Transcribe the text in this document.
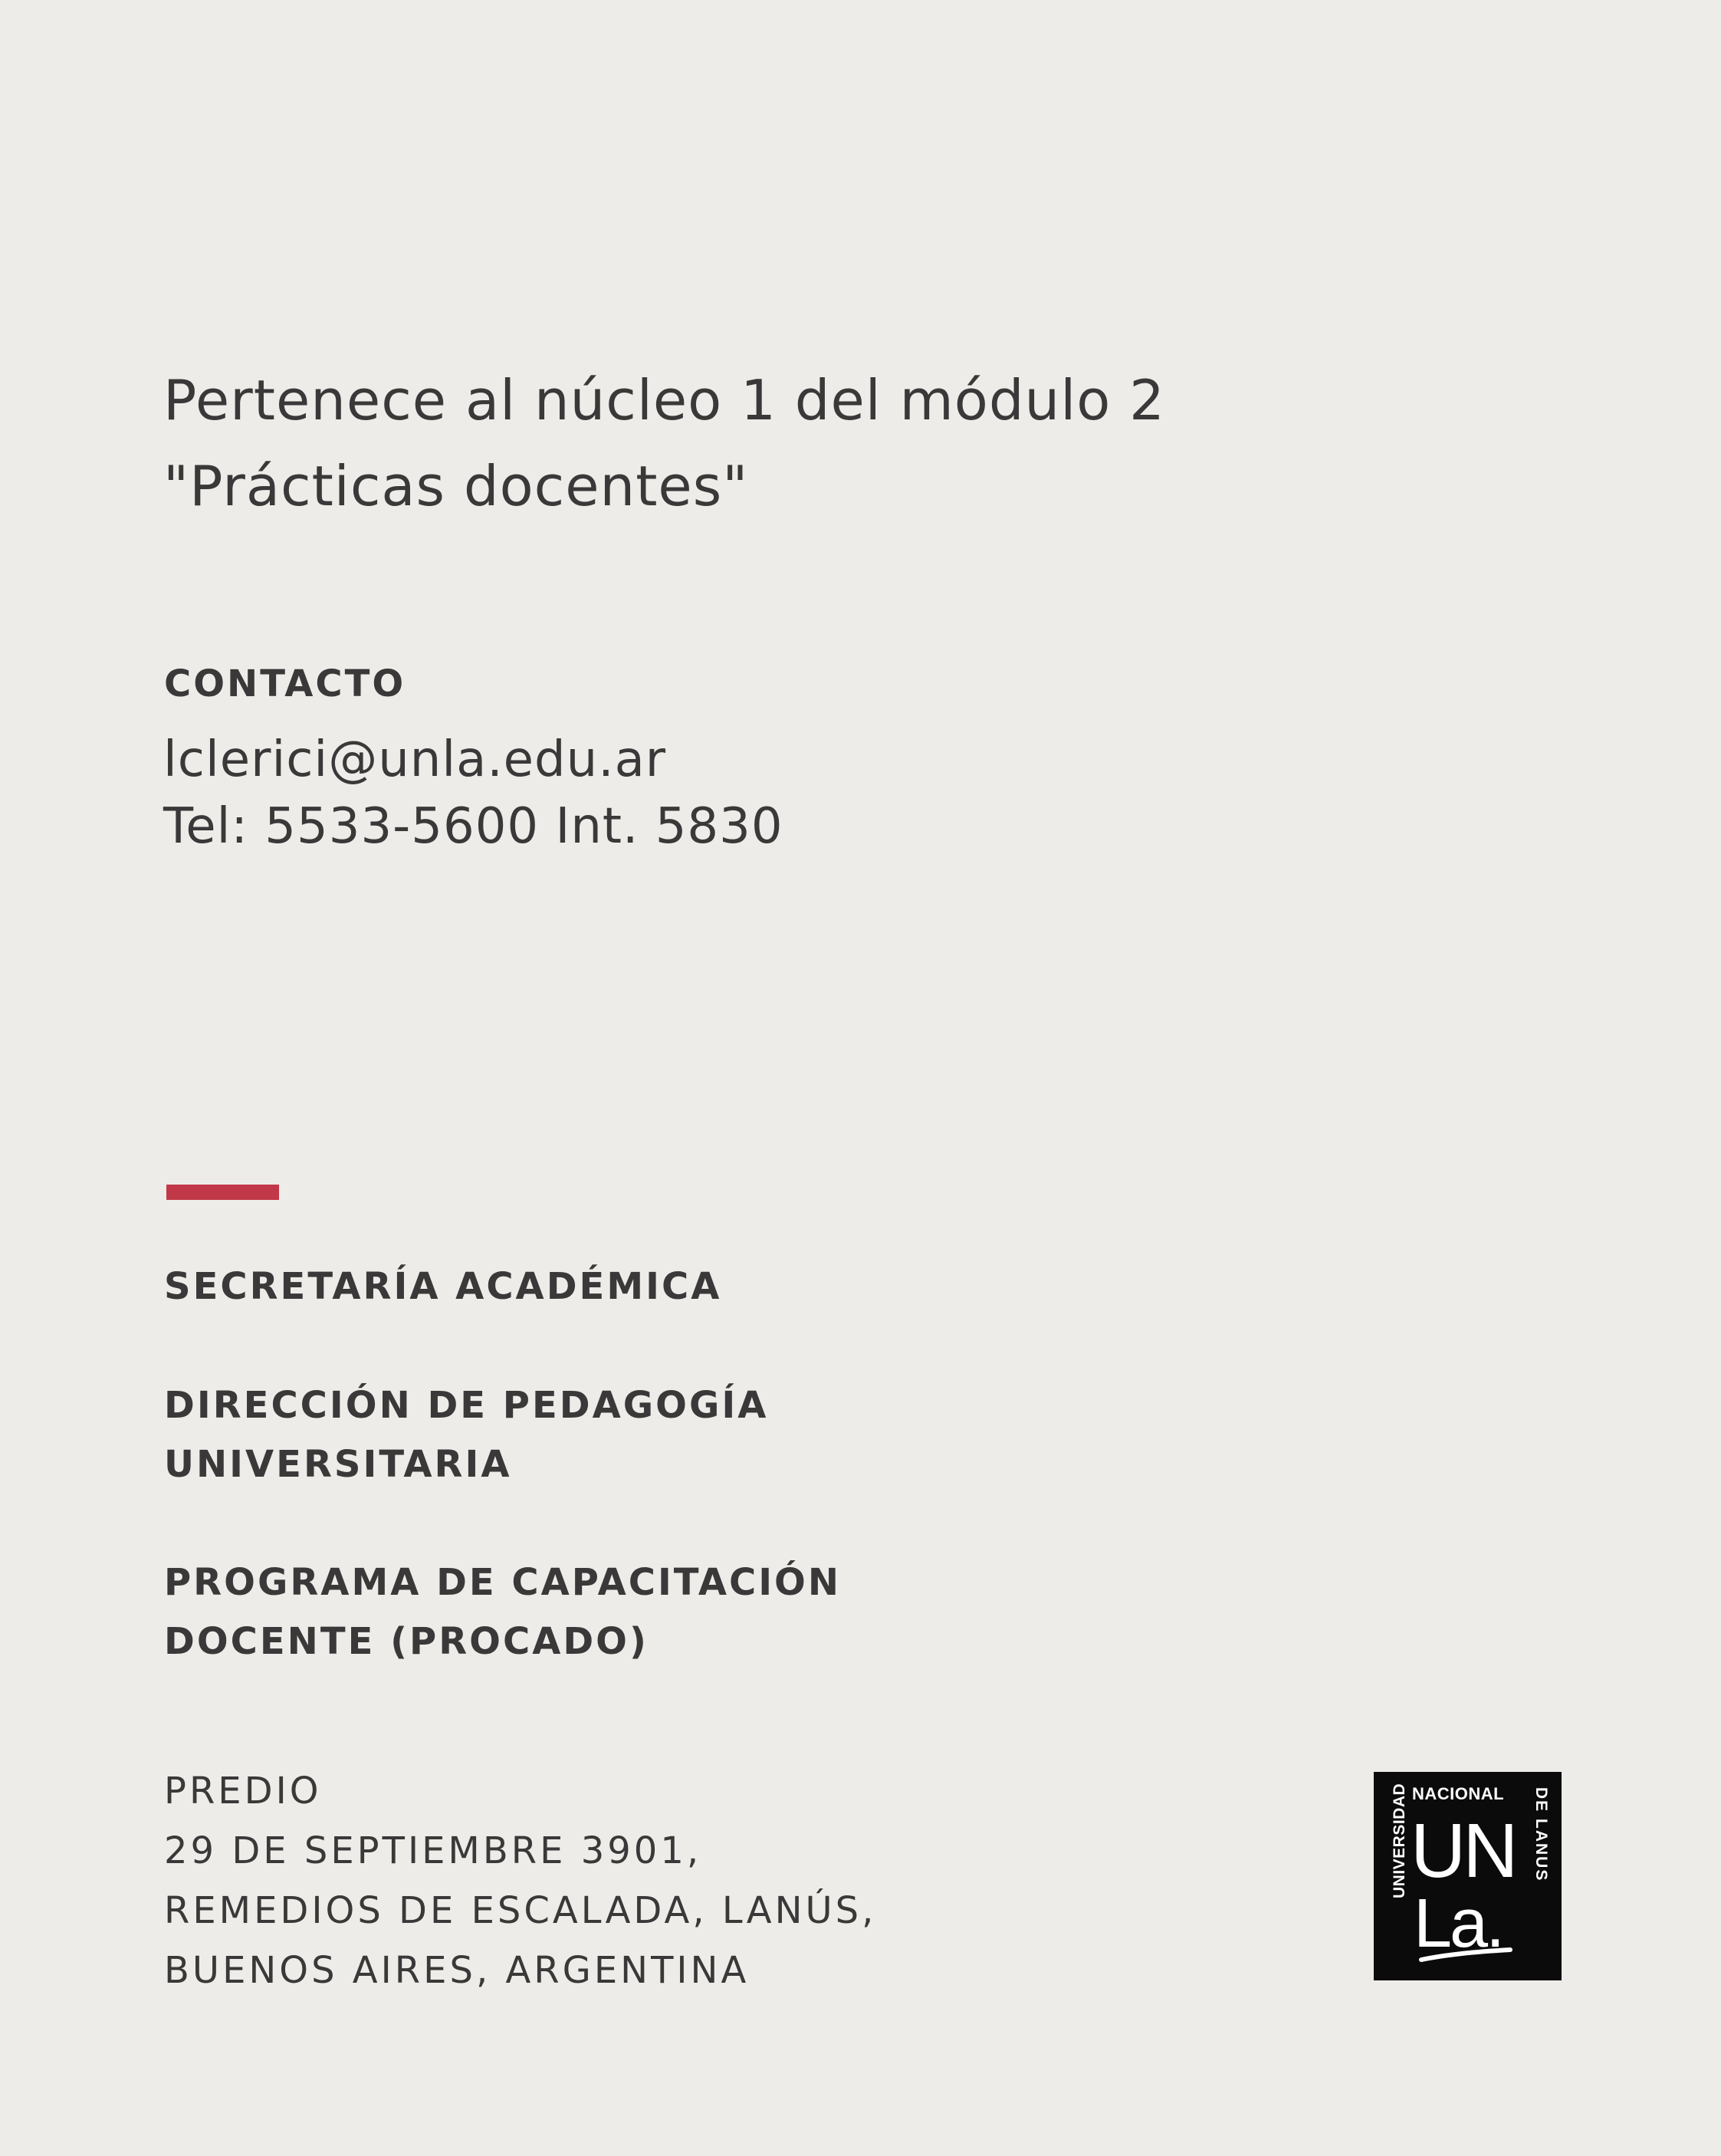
Pertenece al núcleo 1 del módulo 2
"Prácticas docentes"
CONTACTO
lclerici@unla.edu.ar
Tel: 5533-5600 Int. 5830
SECRETARÍA ACADÉMICA
DIRECCIÓN DE PEDAGOGÍA
UNIVERSITARIA
PROGRAMA DE CAPACITACIÓN
DOCENTE (PROCADO)
PREDIO
29 DE SEPTIEMBRE 3901,
REMEDIOS DE ESCALADA, LANÚS,
BUENOS AIRES, ARGENTINA
UNIVERSIDAD NACIONAL DE LANUS
UN
La.
